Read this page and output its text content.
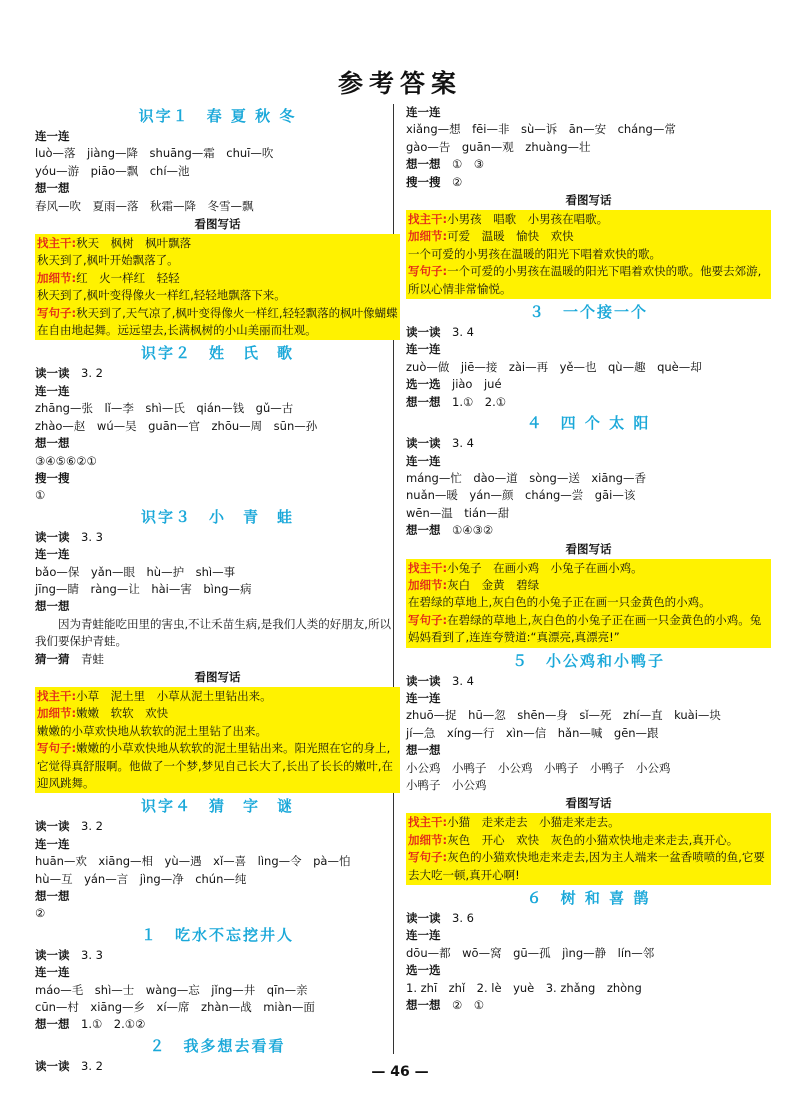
参考答案
识字１　春 夏 秋 冬
连一连
luò—落　jiàng—降　shuāng—霜　chuī—吹
yóu—游　piāo—飘　chí—池
想一想
春风—吹　夏雨—落　秋霜—降　冬雪—飘
看图写话
找主干:秋天　枫树　枫叶飘落
秋天到了,枫叶开始飘落了。
加细节:红　火一样红　轻轻
秋天到了,枫叶变得像火一样红,轻轻地飘落下来。
写句子:秋天到了,天气凉了,枫叶变得像火一样红,轻轻飘落的枫叶像蝴蝶在自由地起舞。远远望去,长满枫树的小山美丽而壮观。
识字２　姓　氏　歌
读一读　 3. 2
连一连
zhāng—张　lǐ—李　shì—氏　qián—钱　gǔ—古
zhào—赵　wú—吴　guān—官　zhōu—周　sūn—孙
想一想
③④⑤⑥②①
搜一搜
①
识字３　小　青　蛙
读一读　 3. 3
连一连
bǎo—保　yǎn—眼　hù—护　shì—事
jīng—睛　ràng—让　hài—害　bìng—病
想一想
因为青蛙能吃田里的害虫,不让禾苗生病,是我们人类的好朋友,所以我们要保护青蛙。
猜一猜　 青蛙
看图写话
找主干:小草　泥土里　小草从泥土里钻出来。
加细节:嫩嫩　软软　欢快
嫩嫩的小草欢快地从软软的泥土里钻了出来。
写句子:嫩嫩的小草欢快地从软软的泥土里钻出来。阳光照在它的身上,它觉得真舒服啊。他做了一个梦,梦见自己长大了,长出了长长的嫩叶,在迎风跳舞。
识字４　猜　字　谜
读一读　 3. 2
连一连
huān—欢　xiāng—相　yù—遇　xǐ—喜　lìng—令　pà—怕
hù—互　yán—言　jìng—净　chún—纯
想一想
②
１　吃水不忘挖井人
读一读　 3. 3
连一连
máo—毛　shì—士　wàng—忘　jǐng—井　qīn—亲
cūn—村　xiāng—乡　xí—席　zhàn—战　miàn—面
想一想　 1.①　2.①②
２　我多想去看看
读一读　 3. 2
连一连
xiǎng—想　fēi—非　sù—诉　ān—安　cháng—常
gào—告　guān—观　zhuàng—壮
想一想　 ①　③
搜一搜　 ②
看图写话
找主干:小男孩　唱歌　小男孩在唱歌。
加细节:可爱　温暖　愉快　欢快
一个可爱的小男孩在温暖的阳光下唱着欢快的歌。
写句子:一个可爱的小男孩在温暖的阳光下唱着欢快的歌。他要去郊游,所以心情非常愉悦。
３　一个接一个
读一读　 3. 4
连一连
zuò—做　jiē—接　zài—再　yě—也　qù—趣　què—却
选一选　 jiào　jué
想一想　 1.①　2.①
４　四 个 太 阳
读一读　 3. 4
连一连
máng—忙　dào—道　sòng—送　xiāng—香
nuǎn—暖　yán—颜　cháng—尝　gāi—该
wēn—温　tián—甜
想一想　 ①④③②
看图写话
找主干:小兔子　在画小鸡　小兔子在画小鸡。
加细节:灰白　金黄　碧绿
在碧绿的草地上,灰白色的小兔子正在画一只金黄色的小鸡。
写句子:在碧绿的草地上,灰白色的小兔子正在画一只金黄色的小鸡。兔妈妈看到了,连连夸赞道:“真漂亮,真漂亮!”
５　小公鸡和小鸭子
读一读　 3. 4
连一连
zhuō—捉　hū—忽　shēn—身　sǐ—死　zhí—直　kuài—块
jí—急　xíng—行　xìn—信　hǎn—喊　gēn—跟
想一想
小公鸡　小鸭子　小公鸡　小鸭子　小鸭子　小公鸡
小鸭子　小公鸡
看图写话
找主干:小猫　走来走去　小猫走来走去。
加细节:灰色　开心　欢快　灰色的小猫欢快地走来走去,真开心。
写句子:灰色的小猫欢快地走来走去,因为主人端来一盆香喷喷的鱼,它要去大吃一顿,真开心啊!
６　树 和 喜 鹊
读一读　 3. 6
连一连
dōu—都　wō—窝　gū—孤　jìng—静　lín—邻
选一选
1. zhī　zhǐ　2. lè　yuè　3. zhǎng　zhòng
想一想　 ②　①
— 46 —
